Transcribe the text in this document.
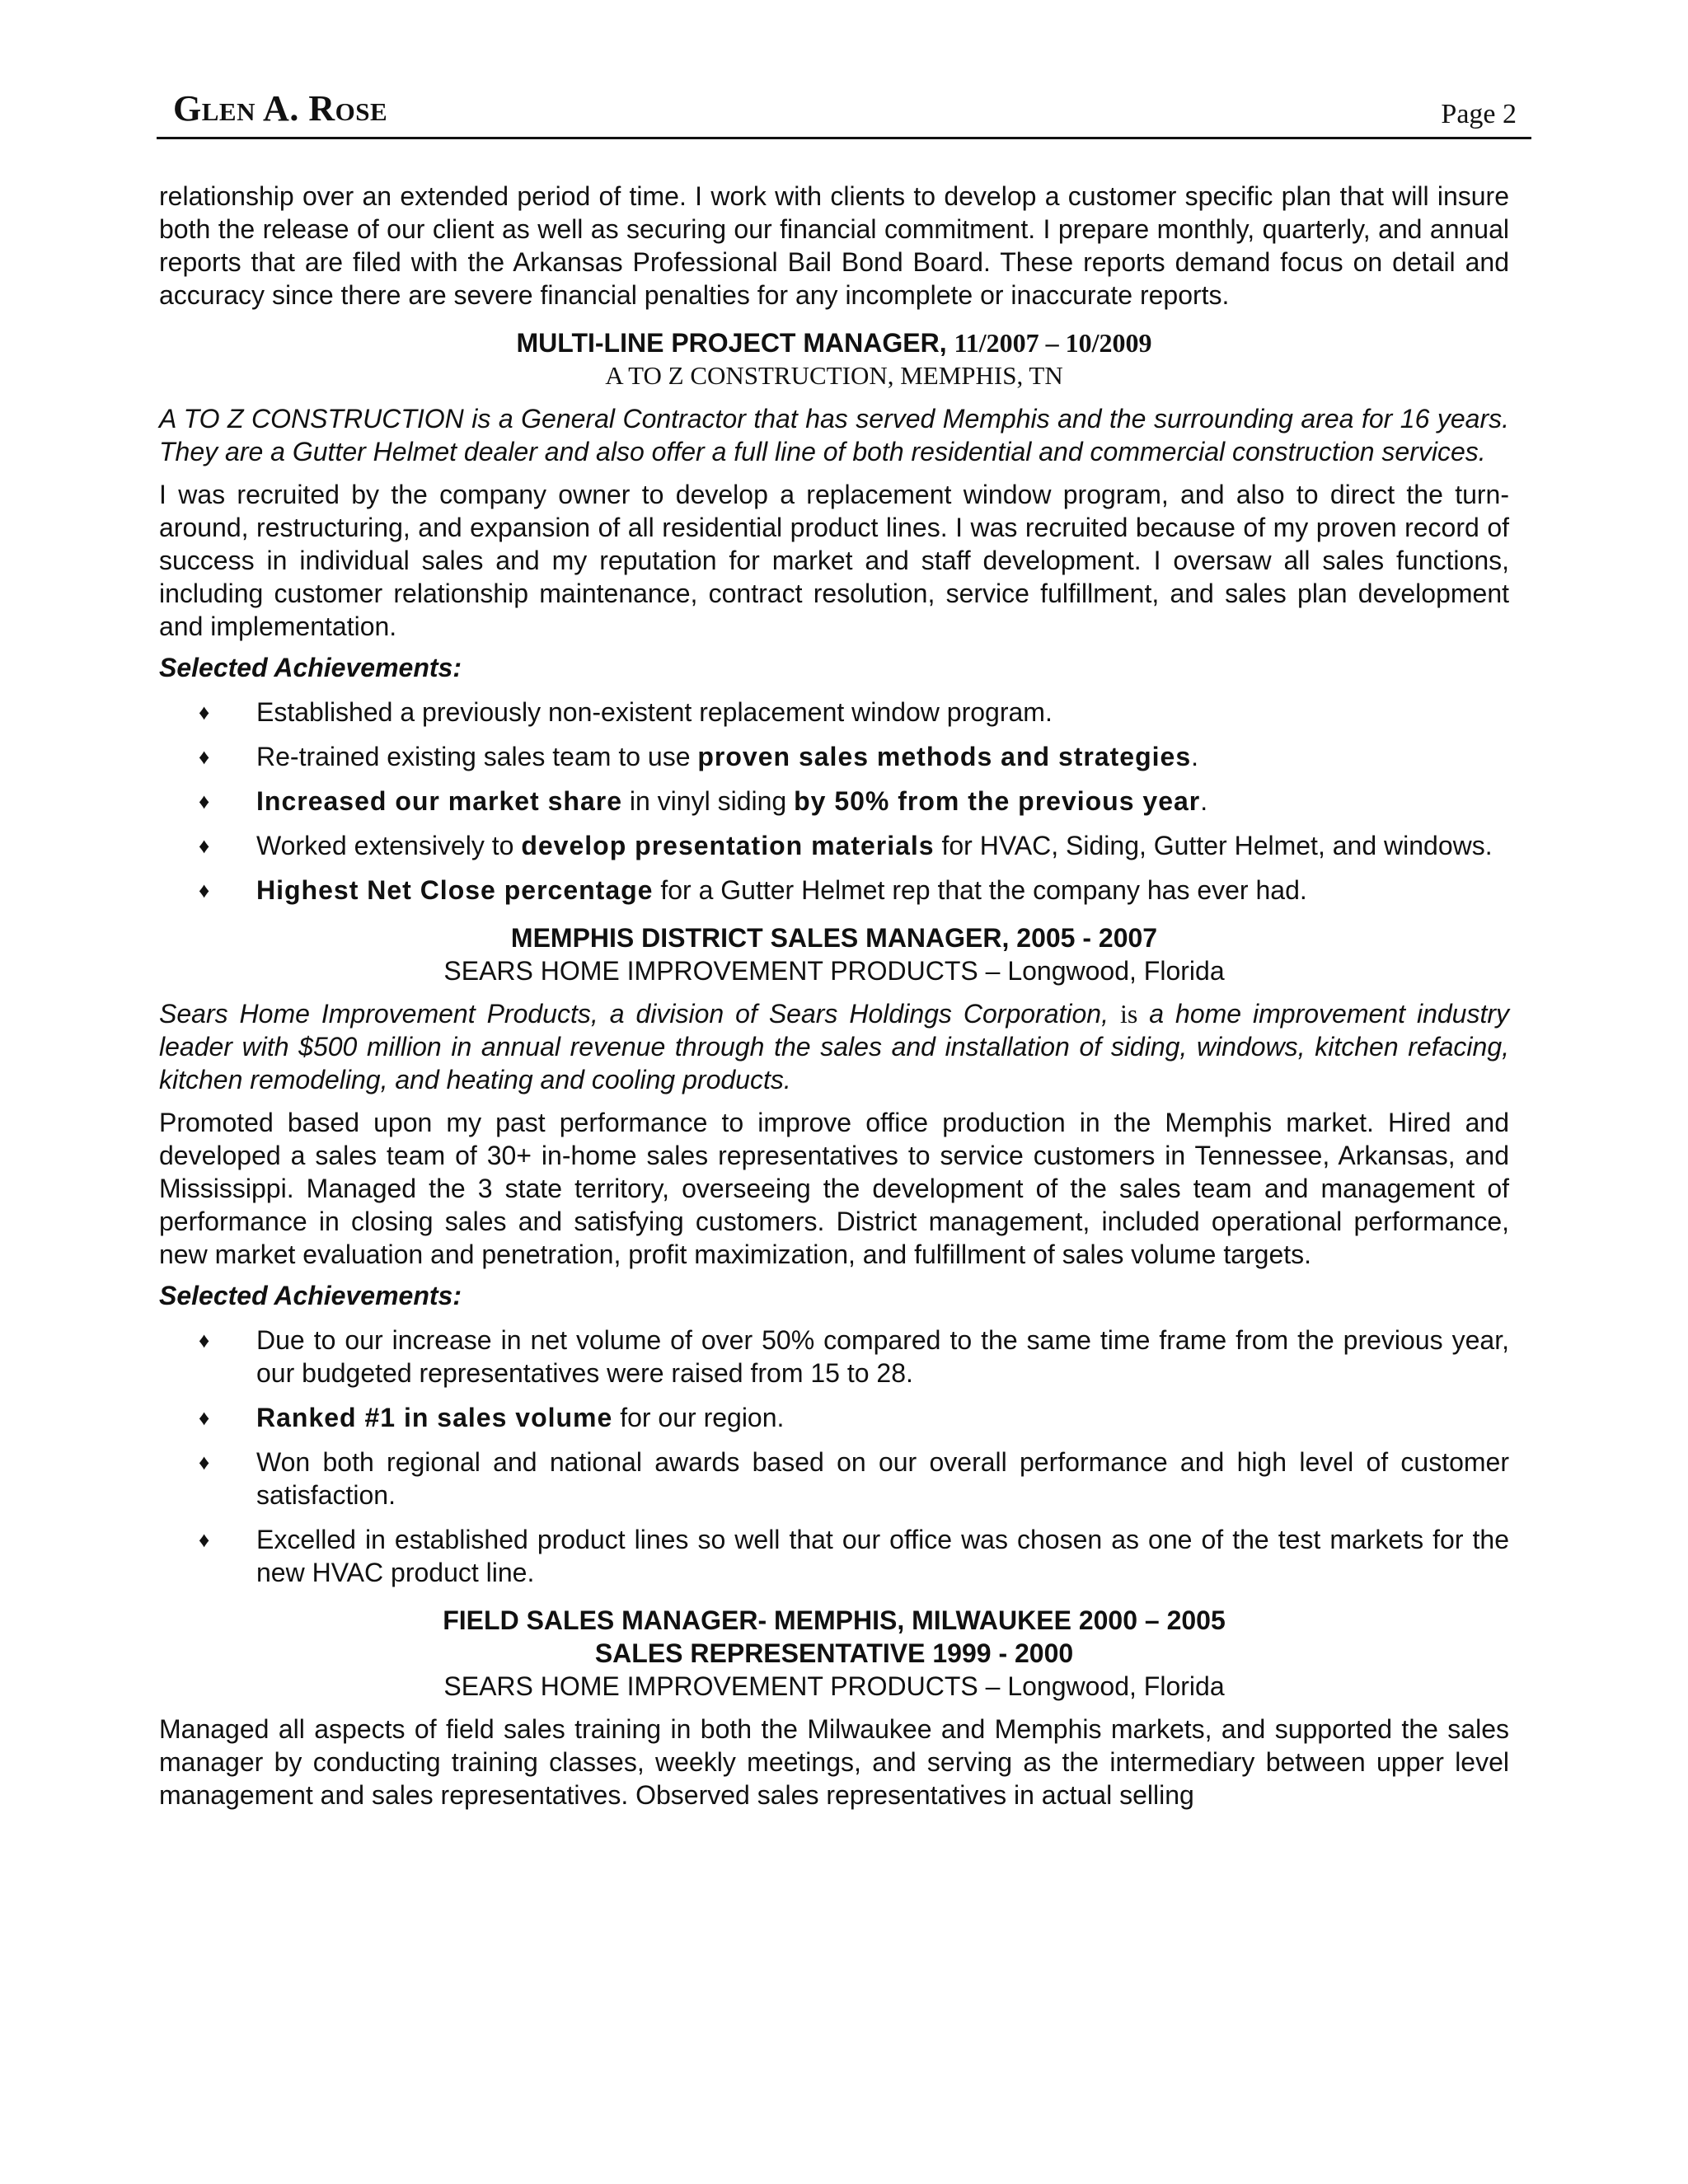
Glen A. Rose	Page 2

relationship over an extended period of time. I work with clients to develop a customer specific plan that will insure both the release of our client as well as securing our financial commitment. I prepare monthly, quarterly, and annual reports that are filed with the Arkansas Professional Bail Bond Board. These reports demand focus on detail and accuracy since there are severe financial penalties for any incomplete or inaccurate reports.

MULTI-LINE PROJECT MANAGER, 11/2007 – 10/2009
A TO Z CONSTRUCTION, MEMPHIS, TN

A TO Z CONSTRUCTION is a General Contractor that has served Memphis and the surrounding area for 16 years. They are a Gutter Helmet dealer and also offer a full line of both residential and commercial construction services.

I was recruited by the company owner to develop a replacement window program, and also to direct the turn-around, restructuring, and expansion of all residential product lines. I was recruited because of my proven record of success in individual sales and my reputation for market and staff development. I oversaw all sales functions, including customer relationship maintenance, contract resolution, service fulfillment, and sales plan development and implementation.

Selected Achievements:
♦ Established a previously non-existent replacement window program.
♦ Re-trained existing sales team to use proven sales methods and strategies.
♦ Increased our market share in vinyl siding by 50% from the previous year.
♦ Worked extensively to develop presentation materials for HVAC, Siding, Gutter Helmet, and windows.
♦ Highest Net Close percentage for a Gutter Helmet rep that the company has ever had.
MEMPHIS DISTRICT SALES MANAGER, 2005 - 2007
SEARS HOME IMPROVEMENT PRODUCTS – Longwood, Florida

Sears Home Improvement Products, a division of Sears Holdings Corporation, is a home improvement industry leader with $500 million in annual revenue through the sales and installation of siding, windows, kitchen refacing, kitchen remodeling, and heating and cooling products.

Promoted based upon my past performance to improve office production in the Memphis market. Hired and developed a sales team of 30+ in-home sales representatives to service customers in Tennessee, Arkansas, and Mississippi. Managed the 3 state territory, overseeing the development of the sales team and management of performance in closing sales and satisfying customers. District management, included operational performance, new market evaluation and penetration, profit maximization, and fulfillment of sales volume targets.

Selected Achievements:
♦ Due to our increase in net volume of over 50% compared to the same time frame from the previous year, our budgeted representatives were raised from 15 to 28.
♦ Ranked #1 in sales volume for our region.
♦ Won both regional and national awards based on our overall performance and high level of customer satisfaction.
♦ Excelled in established product lines so well that our office was chosen as one of the test markets for the new HVAC product line.
FIELD SALES MANAGER- MEMPHIS, MILWAUKEE 2000 – 2005
SALES REPRESENTATIVE 1999 - 2000
SEARS HOME IMPROVEMENT PRODUCTS – Longwood, Florida

Managed all aspects of field sales training in both the Milwaukee and Memphis markets, and supported the sales manager by conducting training classes, weekly meetings, and serving as the intermediary between upper level management and sales representatives. Observed sales representatives in actual selling
